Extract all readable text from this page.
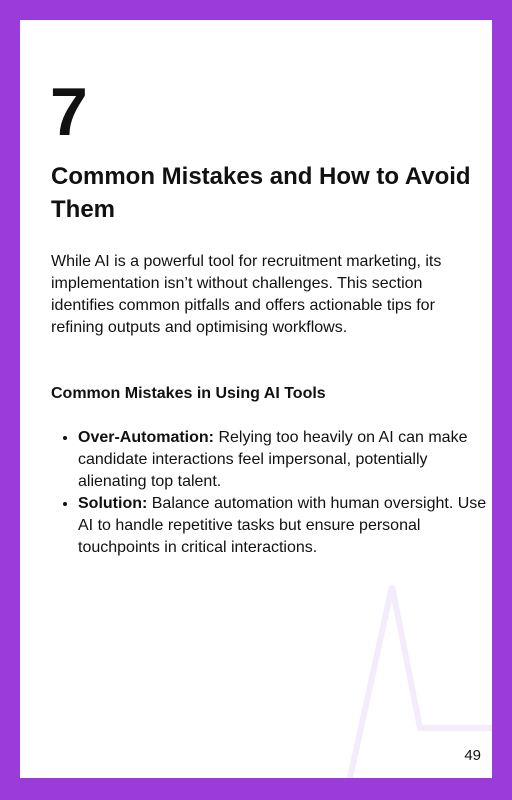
7
Common Mistakes and How to Avoid Them

While AI is a powerful tool for recruitment marketing, its implementation isn’t without challenges. This section identifies common pitfalls and offers actionable tips for refining outputs and optimising workflows.

Common Mistakes in Using AI Tools
• Over-Automation: Relying too heavily on AI can make candidate interactions feel impersonal, potentially alienating top talent.
• Solution: Balance automation with human oversight. Use AI to handle repetitive tasks but ensure personal touchpoints in critical interactions.
49
